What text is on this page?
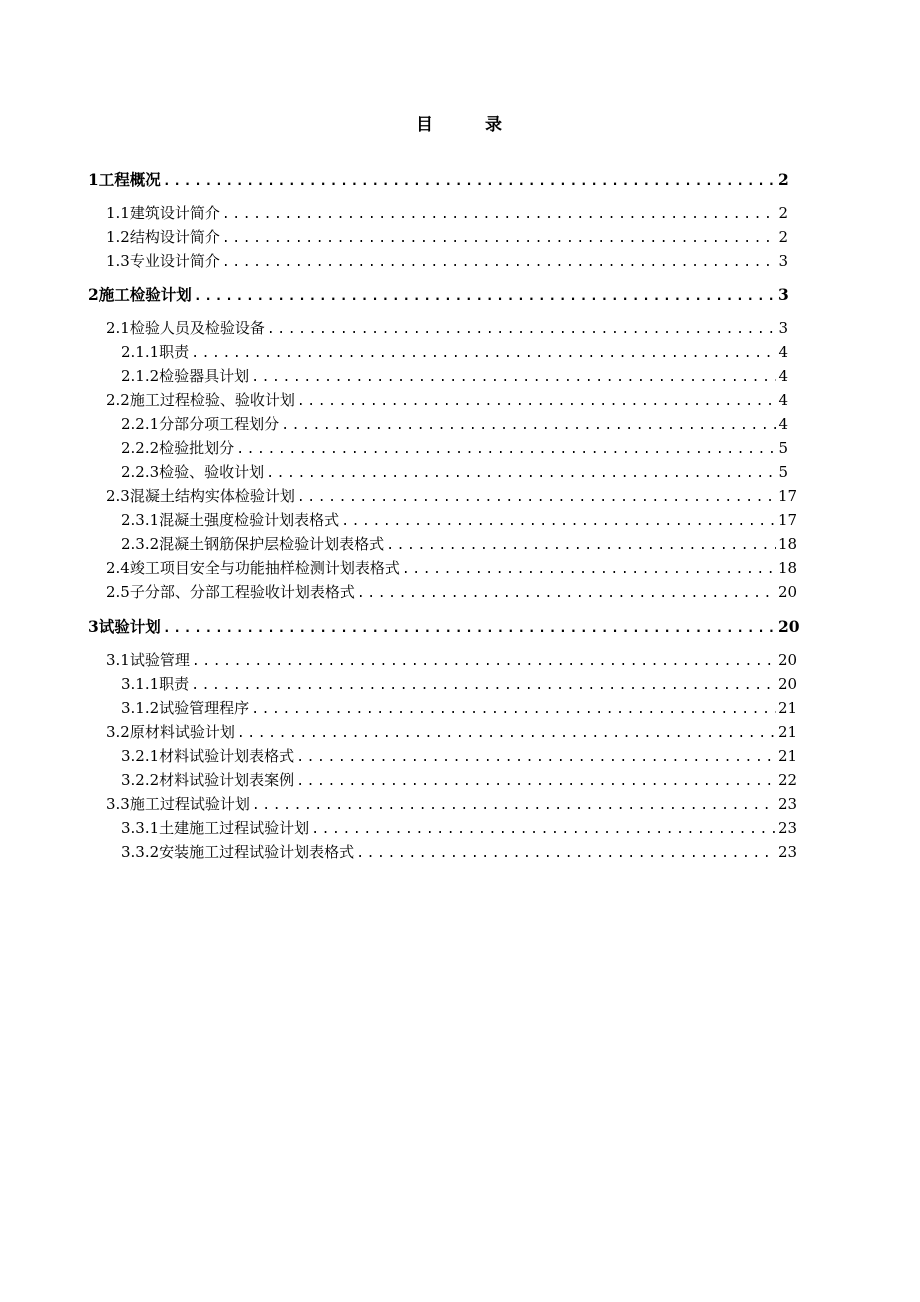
目	录
1 工程概况 .....	2
1.1 建筑设计简介 .....	2
1.2 结构设计简介 .....	2
1.3 专业设计简介 .....	3
2 施工检验计划 .....	3
2.1 检验人员及检验设备 .....	3
2.1.1 职责 .....	4
2.1.2 检验器具计划 .....	4
2.2 施工过程检验、验收计划 .....	4
2.2.1 分部分项工程划分 .....	4
2.2.2 检验批划分 .....	5
2.2.3 检验、验收计划 .....	5
2.3 混凝土结构实体检验计划 .....	17
2.3.1 混凝土强度检验计划表格式 .....	17
2.3.2 混凝土钢筋保护层检验计划表格式 .....	18
2.4 竣工项目安全与功能抽样检测计划表格式 .....	18
2.5 子分部、分部工程验收计划表格式 .....	20
3 试验计划 .....	20
3.1 试验管理 .....	20
3.1.1 职责 .....	20
3.1.2 试验管理程序 .....	21
3.2 原材料试验计划 .....	21
3.2.1 材料试验计划表格式 .....	21
3.2.2 材料试验计划表案例 .....	22
3.3 施工过程试验计划 .....	23
3.3.1 土建施工过程试验计划 .....	23
3.3.2 安装施工过程试验计划表格式 .....	23
